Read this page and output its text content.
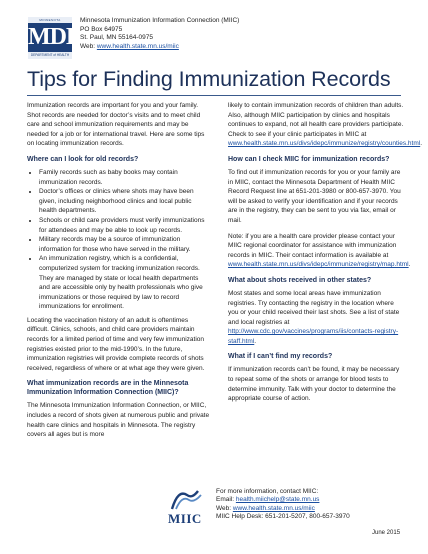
MINNESOTA
MDH
DEPARTMENT of HEALTH
Minnesota Immunization Information Connection (MIIC)
PO Box 64975
St. Paul, MN 55164-0975
Web: www.health.state.mn.us/miic
Tips for Finding Immunization Records

Immunization records are important for you and your family. Shot records are needed for doctor’s visits and to meet child care and school immunization requirements and may be needed for a job or for international travel. Here are some tips on locating immunization records.

Where can I look for old records?
• Family records such as baby books may contain immunization records.
• Doctor’s offices or clinics where shots may have been given, including neighborhood clinics and local public health departments.
• Schools or child care providers must verify immunizations for attendees and may be able to look up records.
• Military records may be a source of immunization information for those who have served in the military.
• An immunization registry, which is a confidential, computerized system for tracking immunization records. They are managed by state or local health departments and are accessible only by health professionals who give immunizations or those required by law to record immunizations for enrollment.

Locating the vaccination history of an adult is oftentimes difficult. Clinics, schools, and child care providers maintain records for a limited period of time and very few immunization registries existed prior to the mid-1990’s. In the future, immunization registries will provide complete records of shots received, regardless of where or at what age they were given.

What immunization records are in the Minnesota Immunization Information Connection (MIIC)?

The Minnesota Immunization Information Connection, or MIIC, includes a record of shots given at numerous public and private health care clinics and hospitals in Minnesota. The registry covers all ages but is more

likely to contain immunization records of children than adults. Also, although MIIC participation by clinics and hospitals continues to expand, not all health care providers participate. Check to see if your clinic participates in MIIC at www.health.state.mn.us/divs/idepc/immunize/registry/counties.html.

How can I check MIIC for immunization records?

To find out if immunization records for you or your family are in MIIC, contact the Minnesota Department of Health MIIC Record Request line at 651-201-3980 or 800-657-3970. You will be asked to verify your identification and if your records are in the registry, they can be sent to you via fax, email or mail.

Note: if you are a health care provider please contact your MIIC regional coordinator for assistance with immunization records in MIIC. Their contact information is available at www.health.state.mn.us/divs/idepc/immunize/registry/map.html.

What about shots received in other states?

Most states and some local areas have immunization registries. Try contacting the registry in the location where you or your child received their last shots. See a list of state and local registries at http://www.cdc.gov/vaccines/programs/iis/contacts-registry-staff.html.

What if I can’t find my records?

If immunization records can’t be found, it may be necessary to repeat some of the shots or arrange for blood tests to determine immunity. Talk with your doctor to determine the appropriate course of action.

MIIC
For more information, contact MIIC:
Email: health.miichelp@state.mn.us
Web: www.health.state.mn.us/miic
MIIC Help Desk: 651-201-5207, 800-657-3970
June 2015
